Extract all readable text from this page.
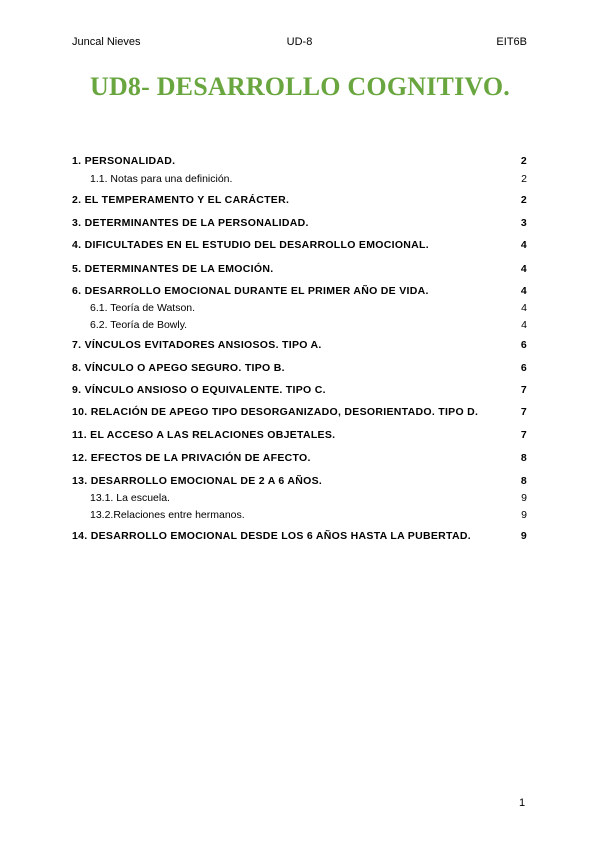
Juncal Nieves	UD-8	EIT6B
UD8- DESARROLLO COGNITIVO.
1. PERSONALIDAD.	2
1.1. Notas para una definición.	2
2. EL TEMPERAMENTO Y EL CARÁCTER.	2
3. DETERMINANTES DE LA PERSONALIDAD.	3
4. DIFICULTADES EN EL ESTUDIO DEL DESARROLLO EMOCIONAL.	4
5. DETERMINANTES DE LA EMOCIÓN.	4
6. DESARROLLO EMOCIONAL DURANTE EL PRIMER AÑO DE VIDA.	4
6.1. Teoría de Watson.	4
6.2. Teoría de Bowly.	4
7. VÍNCULOS EVITADORES ANSIOSOS. TIPO A.	6
8. VÍNCULO O APEGO SEGURO. TIPO B.	6
9. VÍNCULO ANSIOSO O EQUIVALENTE. TIPO C.	7
10. RELACIÓN DE APEGO TIPO DESORGANIZADO, DESORIENTADO. TIPO D.	7
11. EL ACCESO A LAS RELACIONES OBJETALES.	7
12. EFECTOS DE LA PRIVACIÓN DE AFECTO.	8
13. DESARROLLO EMOCIONAL DE 2 A 6 AÑOS.	8
13.1. La escuela.	9
13.2.Relaciones entre hermanos.	9
14. DESARROLLO EMOCIONAL DESDE LOS 6 AÑOS HASTA LA PUBERTAD.	9
1
